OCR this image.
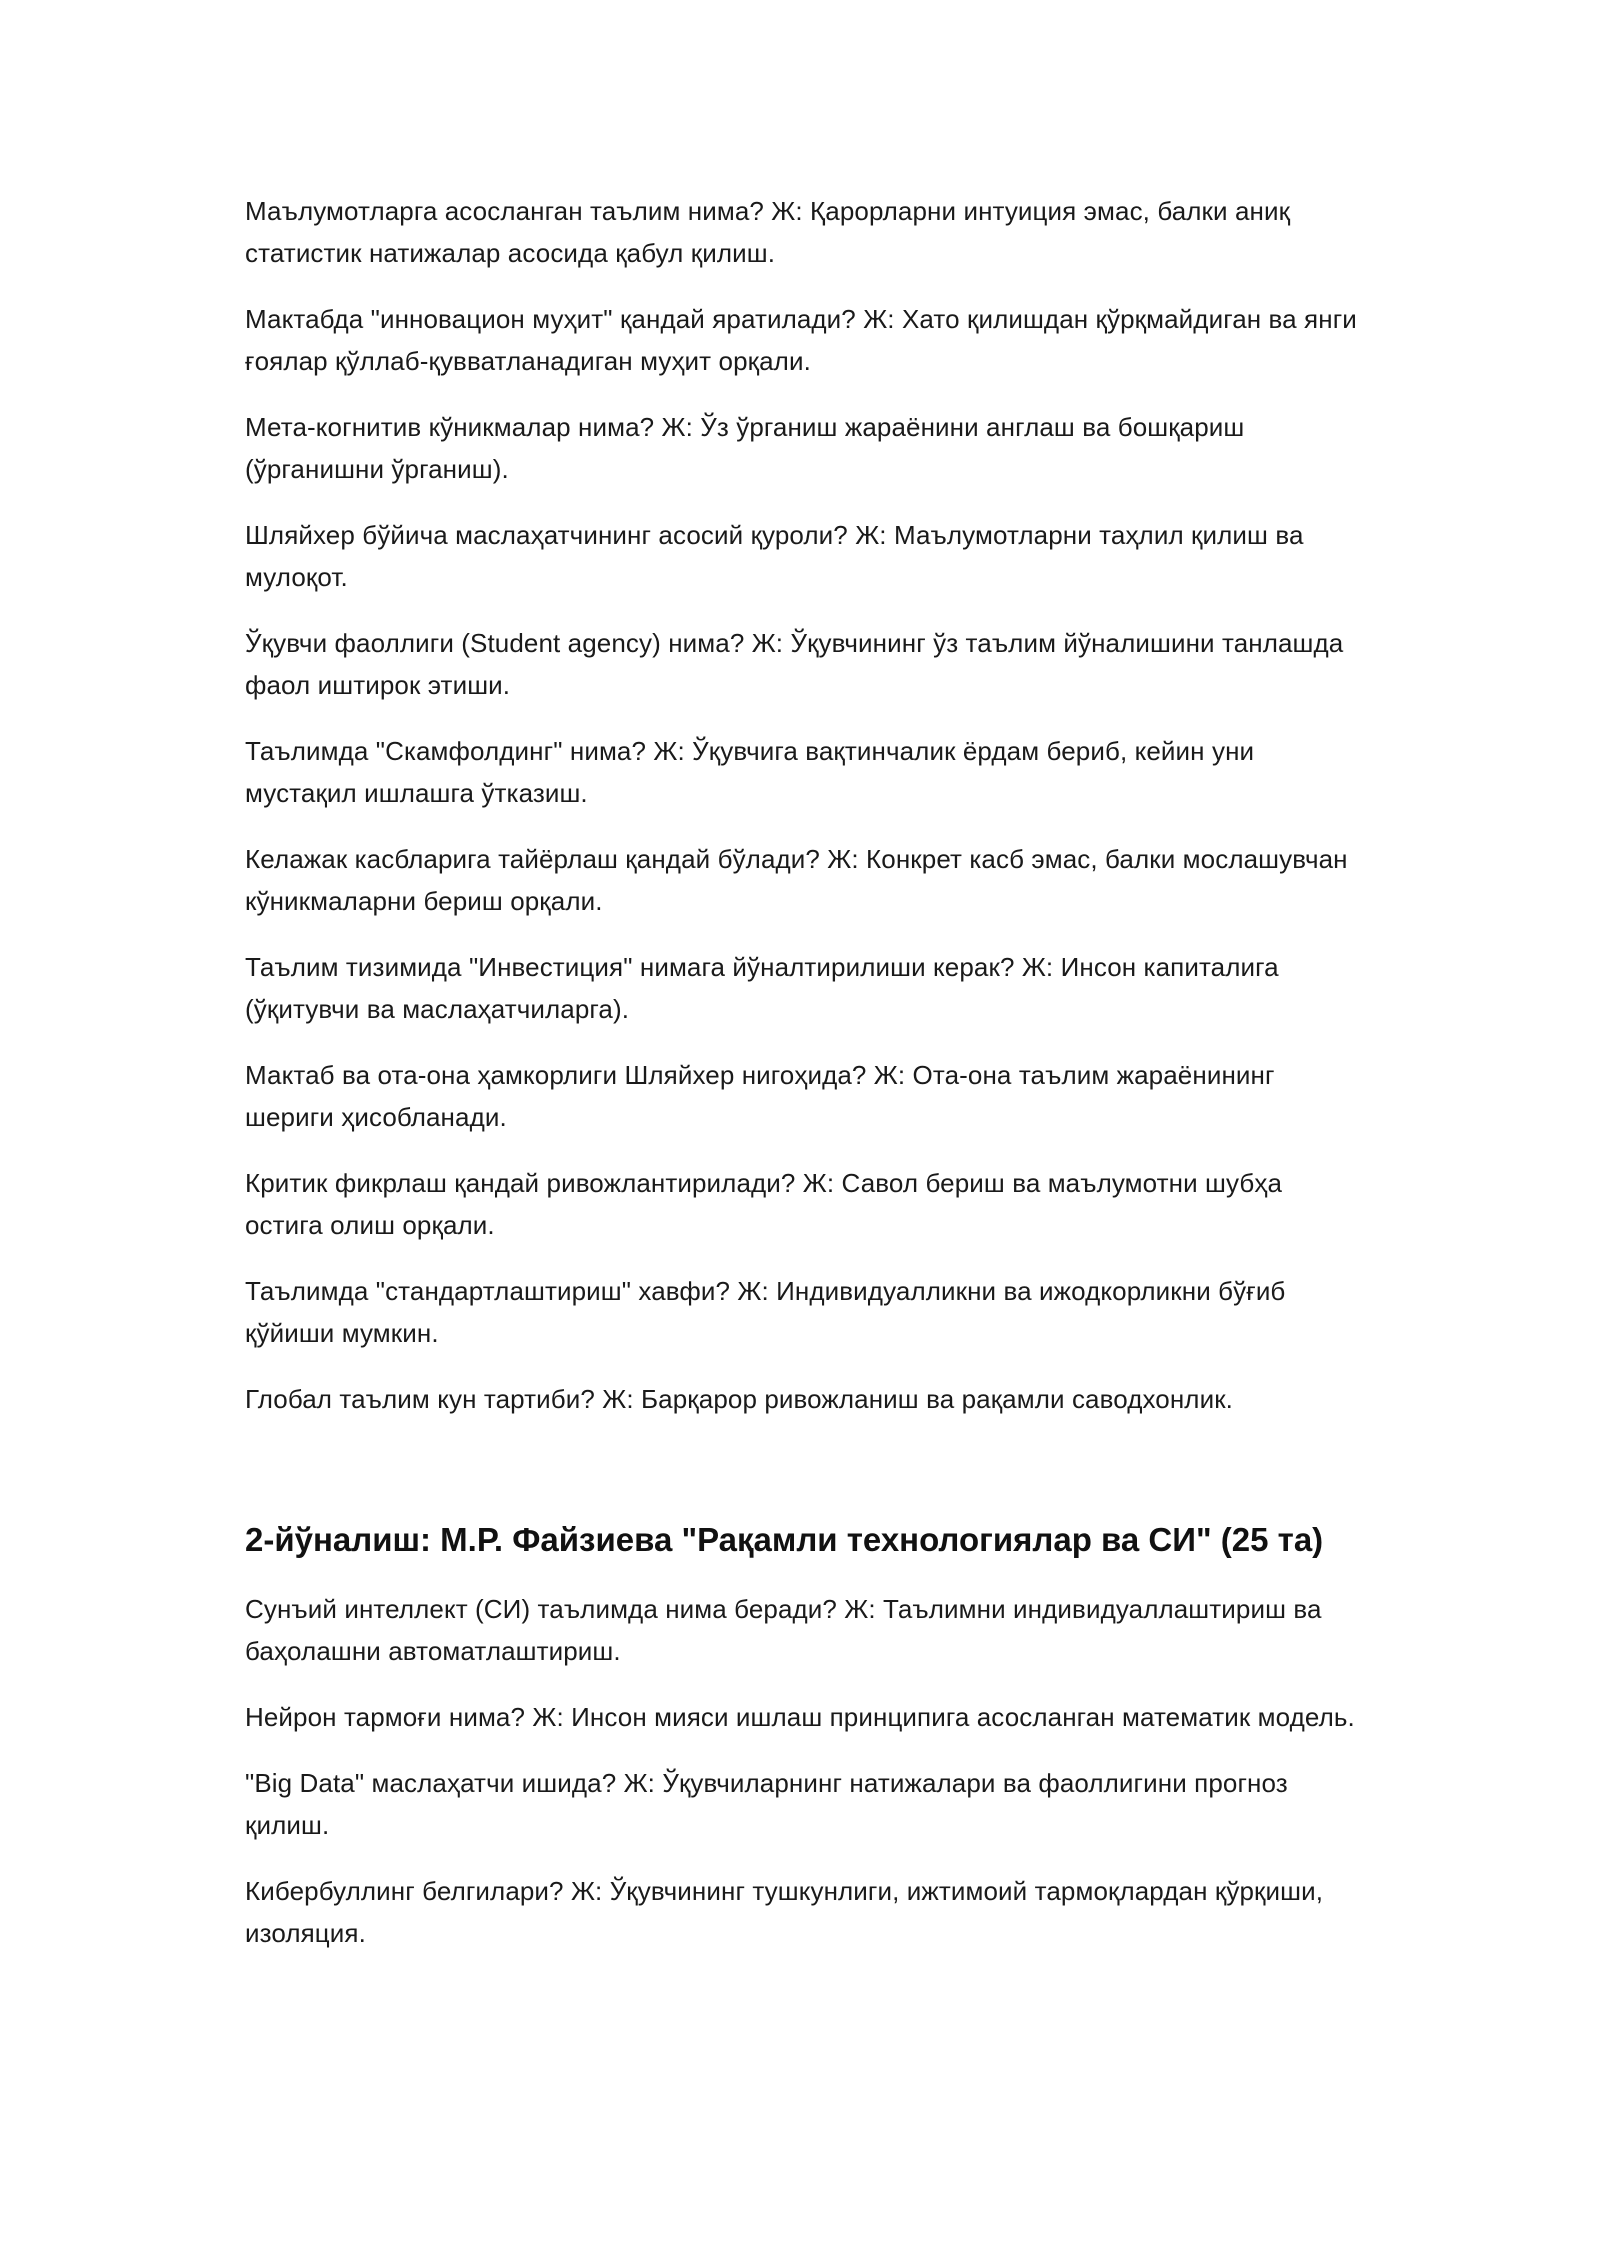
Маълумотларга асосланган таълим нима? Ж: Қарорларни интуиция эмас, балки аниқ статистик натижалар асосида қабул қилиш.

Мактабда "инновацион муҳит" қандай яратилади? Ж: Хато қилишдан қўрқмайдиган ва янги ғоялар қўллаб-қувватланадиган муҳит орқали.

Мета-когнитив кўникмалар нима? Ж: Ўз ўрганиш жараёнини англаш ва бошқариш (ўрганишни ўрганиш).

Шляйхер бўйича маслаҳатчининг асосий қуроли? Ж: Маълумотларни таҳлил қилиш ва мулоқот.

Ўқувчи фаоллиги (Student agency) нима? Ж: Ўқувчининг ўз таълим йўналишини танлашда фаол иштирок этиши.

Таълимда "Скамфолдинг" нима? Ж: Ўқувчига вақтинчалик ёрдам бериб, кейин уни мустақил ишлашга ўтказиш.

Келажак касбларига тайёрлаш қандай бўлади? Ж: Конкрет касб эмас, балки мослашувчан кўникмаларни бериш орқали.

Таълим тизимида "Инвестиция" нимага йўналтирилиши керак? Ж: Инсон капиталига (ўқитувчи ва маслаҳатчиларга).

Мактаб ва ота-она ҳамкорлиги Шляйхер нигоҳида? Ж: Ота-она таълим жараёнининг шериги ҳисобланади.

Критик фикрлаш қандай ривожлантирилади? Ж: Савол бериш ва маълумотни шубҳа остига олиш орқали.

Таълимда "стандартлаштириш" хавфи? Ж: Индивидуалликни ва ижодкорликни бўғиб қўйиши мумкин.

Глобал таълим кун тартиби? Ж: Барқарор ривожланиш ва рақамли саводхонлик.

2-йўналиш: М.Р. Файзиева "Рақамли технологиялар ва СИ" (25 та)

Сунъий интеллект (СИ) таълимда нима беради? Ж: Таълимни индивидуаллаштириш ва баҳолашни автоматлаштириш.

Нейрон тармоғи нима? Ж: Инсон мияси ишлаш принципига асосланган математик модель.

"Big Data" маслаҳатчи ишида? Ж: Ўқувчиларнинг натижалари ва фаоллигини прогноз қилиш.

Кибербуллинг белгилари? Ж: Ўқувчининг тушкунлиги, ижтимоий тармоқлардан қўрқиши, изоляция.
